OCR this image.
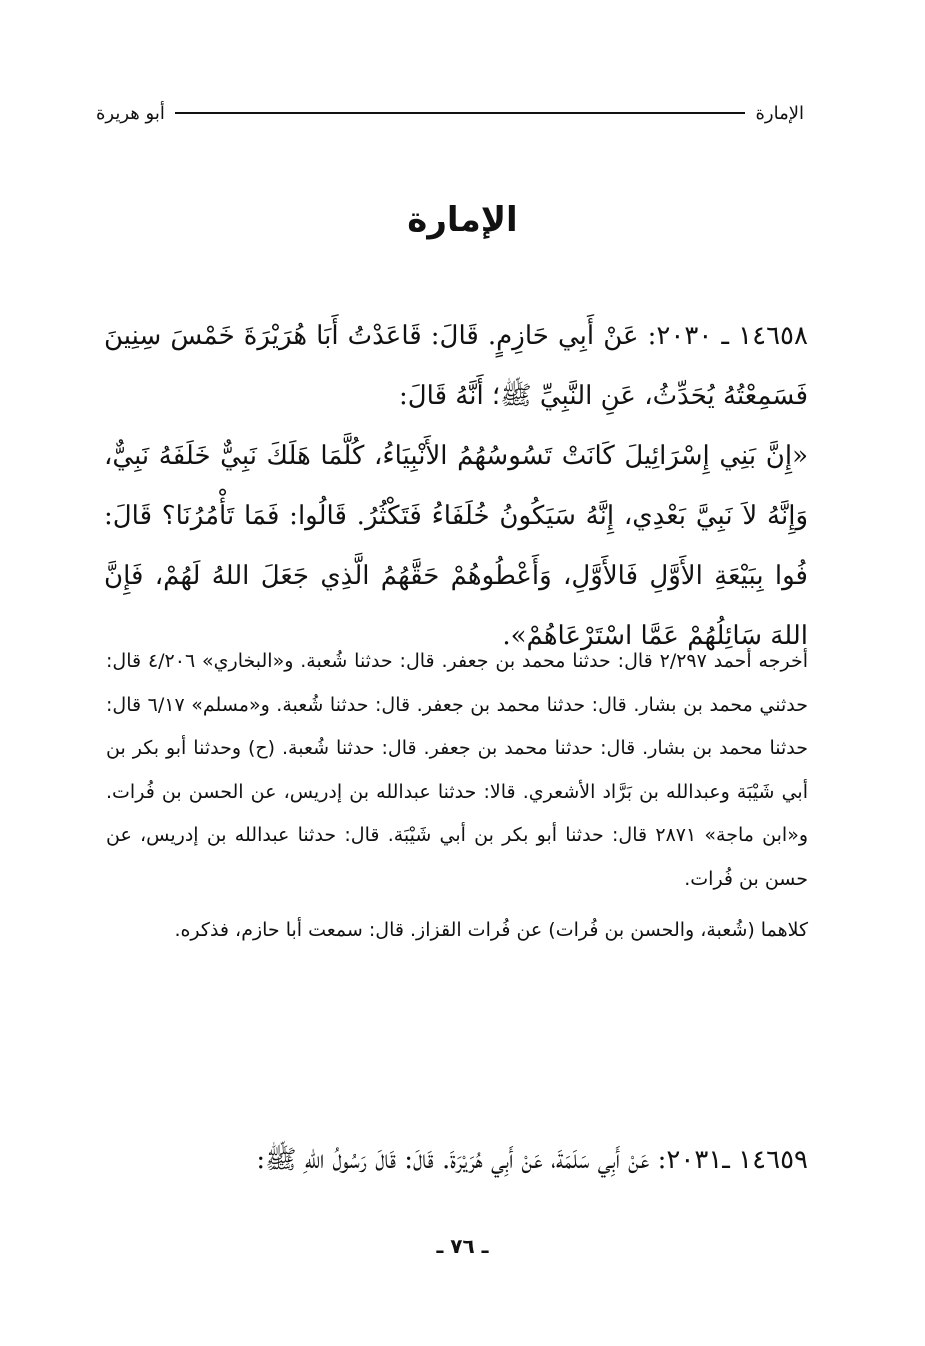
الإمارة
أبو هريرة
الإمارة

١٤٦٥٨ ـ ٢٠٣٠: عَنْ أَبِي حَازِمٍ. قَالَ: قَاعَدْتُ أَبَا هُرَيْرَةَ خَمْسَ سِنِينَ فَسَمِعْتُهُ يُحَدِّثُ، عَنِ النَّبِيِّ ﷺ؛ أَنَّهُ قَالَ:

«إِنَّ بَنِي إِسْرَائِيلَ كَانَتْ تَسُوسُهُمُ الأَنْبِيَاءُ، كُلَّمَا هَلَكَ نَبِيٌّ خَلَفَهُ نَبِيٌّ، وَإِنَّهُ لاَ نَبِيَّ بَعْدِي، إِنَّهُ سَيَكُونُ خُلَفَاءُ فَتَكْثُرُ. قَالُوا: فَمَا تَأْمُرُنَا؟ قَالَ: فُوا بِبَيْعَةِ الأَوَّلِ فَالأَوَّلِ، وَأَعْطُوهُمْ حَقَّهُمُ الَّذِي جَعَلَ اللهُ لَهُمْ، فَإِنَّ اللهَ سَائِلُهُمْ عَمَّا اسْتَرْعَاهُمْ».

أخرجه أحمد ٢/٢٩٧ قال: حدثنا محمد بن جعفر. قال: حدثنا شُعبة. و«البخاري» ٤/٢٠٦ قال: حدثني محمد بن بشار. قال: حدثنا محمد بن جعفر. قال: حدثنا شُعبة. و«مسلم» ٦/١٧ قال: حدثنا محمد بن بشار. قال: حدثنا محمد بن جعفر. قال: حدثنا شُعبة. (ح) وحدثنا أبو بكر بن أبي شَيْبَة وعبدالله بن بَرَّاد الأشعري. قالا: حدثنا عبدالله بن إدريس، عن الحسن بن فُرات. و«ابن ماجة» ٢٨٧١ قال: حدثنا أبو بكر بن أبي شَيْبَة. قال: حدثنا عبدالله بن إدريس، عن حسن بن فُرات.

كلاهما (شُعبة، والحسن بن فُرات) عن فُرات القزاز. قال: سمعت أبا حازم، فذكره.

١٤٦٥٩ ـ٢٠٣١: عَنْ أَبِي سَلَمَةَ، عَنْ أَبِي هُرَيْرَةَ. قَالَ: قَالَ رَسُولُ اللهِ ﷺ:

ـ ٧٦ ـ
